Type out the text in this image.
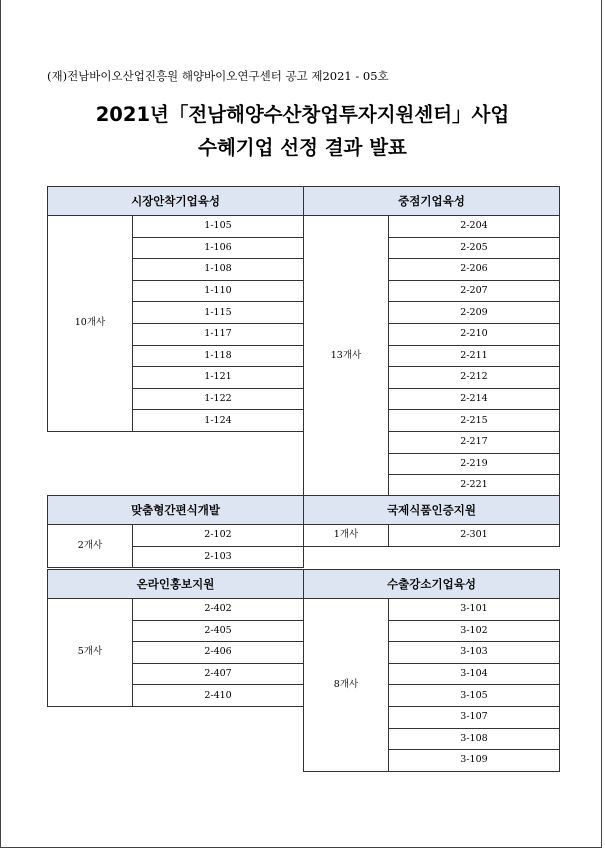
(재)전남바이오산업진흥원 해양바이오연구센터 공고 제2021 - 05호
2021년「전남해양수산창업투자지원센터」사업
수혜기업 선정 결과 발표
시장안착기업육성
10개사	1-105
1-106
1-108
1-110
1-115
1-117
1-118
1-121
1-122
1-124
중점기업육성
13개사	2-204
2-205
2-206
2-207
2-209
2-210
2-211
2-212
2-214
2-215
2-217
2-219
2-221
맞춤형간편식개발
2개사	2-102
2-103
국제식품인증지원
1개사	2-301
온라인홍보지원
5개사	2-402
2-405
2-406
2-407
2-410
수출강소기업육성
8개사	3-101
3-102
3-103
3-104
3-105
3-107
3-108
3-109
